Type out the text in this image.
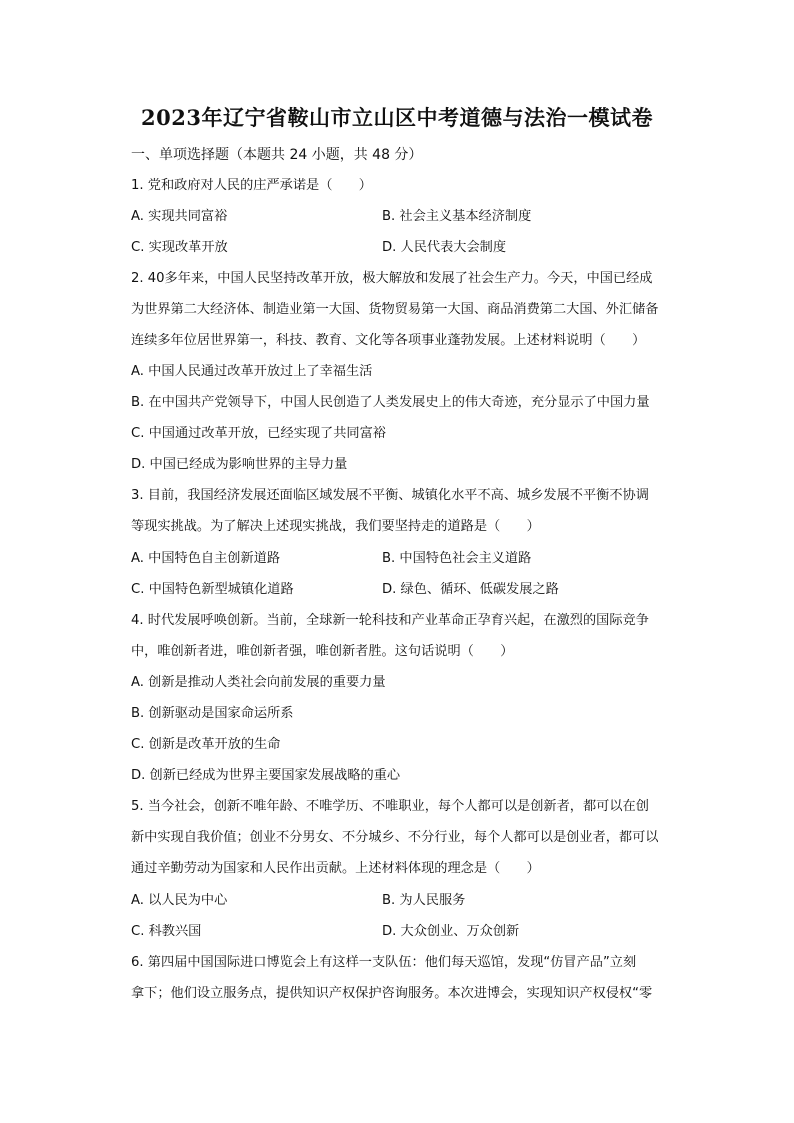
2023年辽宁省鞍山市立山区中考道德与法治一模试卷
一、单项选择题（本题共 24 小题，共 48 分）
1. 党和政府对人民的庄严承诺是（　　）
A. 实现共同富裕	B. 社会主义基本经济制度
C. 实现改革开放	D. 人民代表大会制度
2. 40多年来，中国人民坚持改革开放，极大解放和发展了社会生产力。今天，中国已经成
为世界第二大经济体、制造业第一大国、货物贸易第一大国、商品消费第二大国、外汇储备
连续多年位居世界第一，科技、教育、文化等各项事业蓬勃发展。上述材料说明（　　）
A. 中国人民通过改革开放过上了幸福生活
B. 在中国共产党领导下，中国人民创造了人类发展史上的伟大奇迹，充分显示了中国力量
C. 中国通过改革开放，已经实现了共同富裕
D. 中国已经成为影响世界的主导力量
3. 目前，我国经济发展还面临区域发展不平衡、城镇化水平不高、城乡发展不平衡不协调
等现实挑战。为了解决上述现实挑战，我们要坚持走的道路是（　　）
A. 中国特色自主创新道路	B. 中国特色社会主义道路
C. 中国特色新型城镇化道路	D. 绿色、循环、低碳发展之路
4. 时代发展呼唤创新。当前，全球新一轮科技和产业革命正孕育兴起，在激烈的国际竞争
中，唯创新者进，唯创新者强，唯创新者胜。这句话说明（　　）
A. 创新是推动人类社会向前发展的重要力量
B. 创新驱动是国家命运所系
C. 创新是改革开放的生命
D. 创新已经成为世界主要国家发展战略的重心
5. 当今社会，创新不唯年龄、不唯学历、不唯职业，每个人都可以是创新者，都可以在创
新中实现自我价值；创业不分男女、不分城乡、不分行业，每个人都可以是创业者，都可以
通过辛勤劳动为国家和人民作出贡献。上述材料体现的理念是（　　）
A. 以人民为中心	B. 为人民服务
C. 科教兴国	D. 大众创业、万众创新
6. 第四届中国国际进口博览会上有这样一支队伍：他们每天巡馆，发现“仿冒产品”立刻
拿下；他们设立服务点，提供知识产权保护咨询服务。本次进博会，实现知识产权侵权“零
